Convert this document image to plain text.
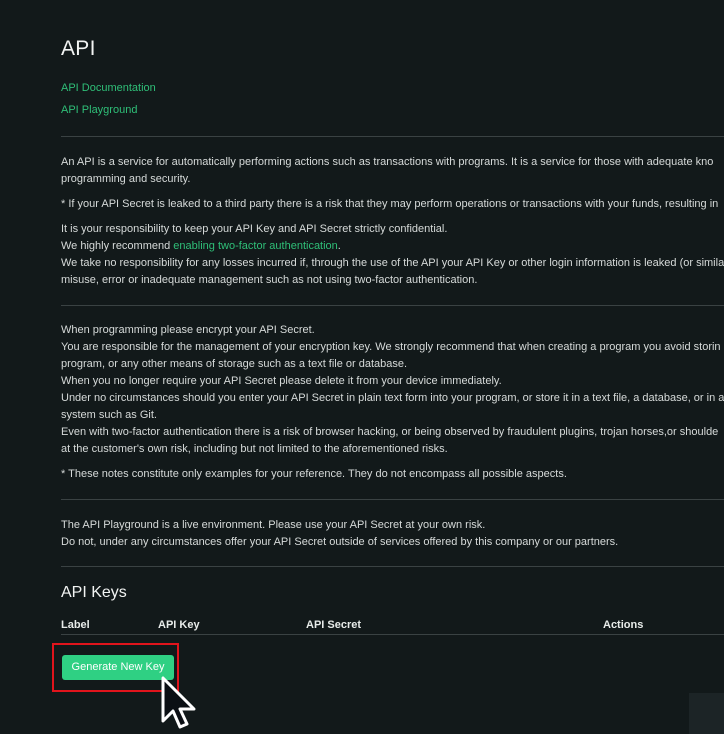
API
API Documentation
API Playground
An API is a service for automatically performing actions such as transactions with programs. It is a service for those with adequate kno
programming and security.
* If your API Secret is leaked to a third party there is a risk that they may perform operations or transactions with your funds, resulting in
It is your responsibility to keep your API Key and API Secret strictly confidential.
We highly recommend enabling two-factor authentication.
We take no responsibility for any losses incurred if, through the use of the API your API Key or other login information is leaked (or simila
misuse, error or inadequate management such as not using two-factor authentication.
When programming please encrypt your API Secret.
You are responsible for the management of your encryption key. We strongly recommend that when creating a program you avoid storin
program, or any other means of storage such as a text file or database.
When you no longer require your API Secret please delete it from your device immediately.
Under no circumstances should you enter your API Secret in plain text form into your program, or store it in a text file, a database, or in a
system such as Git.
Even with two-factor authentication there is a risk of browser hacking, or being observed by fraudulent plugins, trojan horses,or shoulde
at the customer's own risk, including but not limited to the aforementioned risks.
* These notes constitute only examples for your reference. They do not encompass all possible aspects.
The API Playground is a live environment. Please use your API Secret at your own risk.
Do not, under any circumstances offer your API Secret outside of services offered by this company or our partners.
API Keys
Label	API Key	API Secret	Actions
Generate New Key
